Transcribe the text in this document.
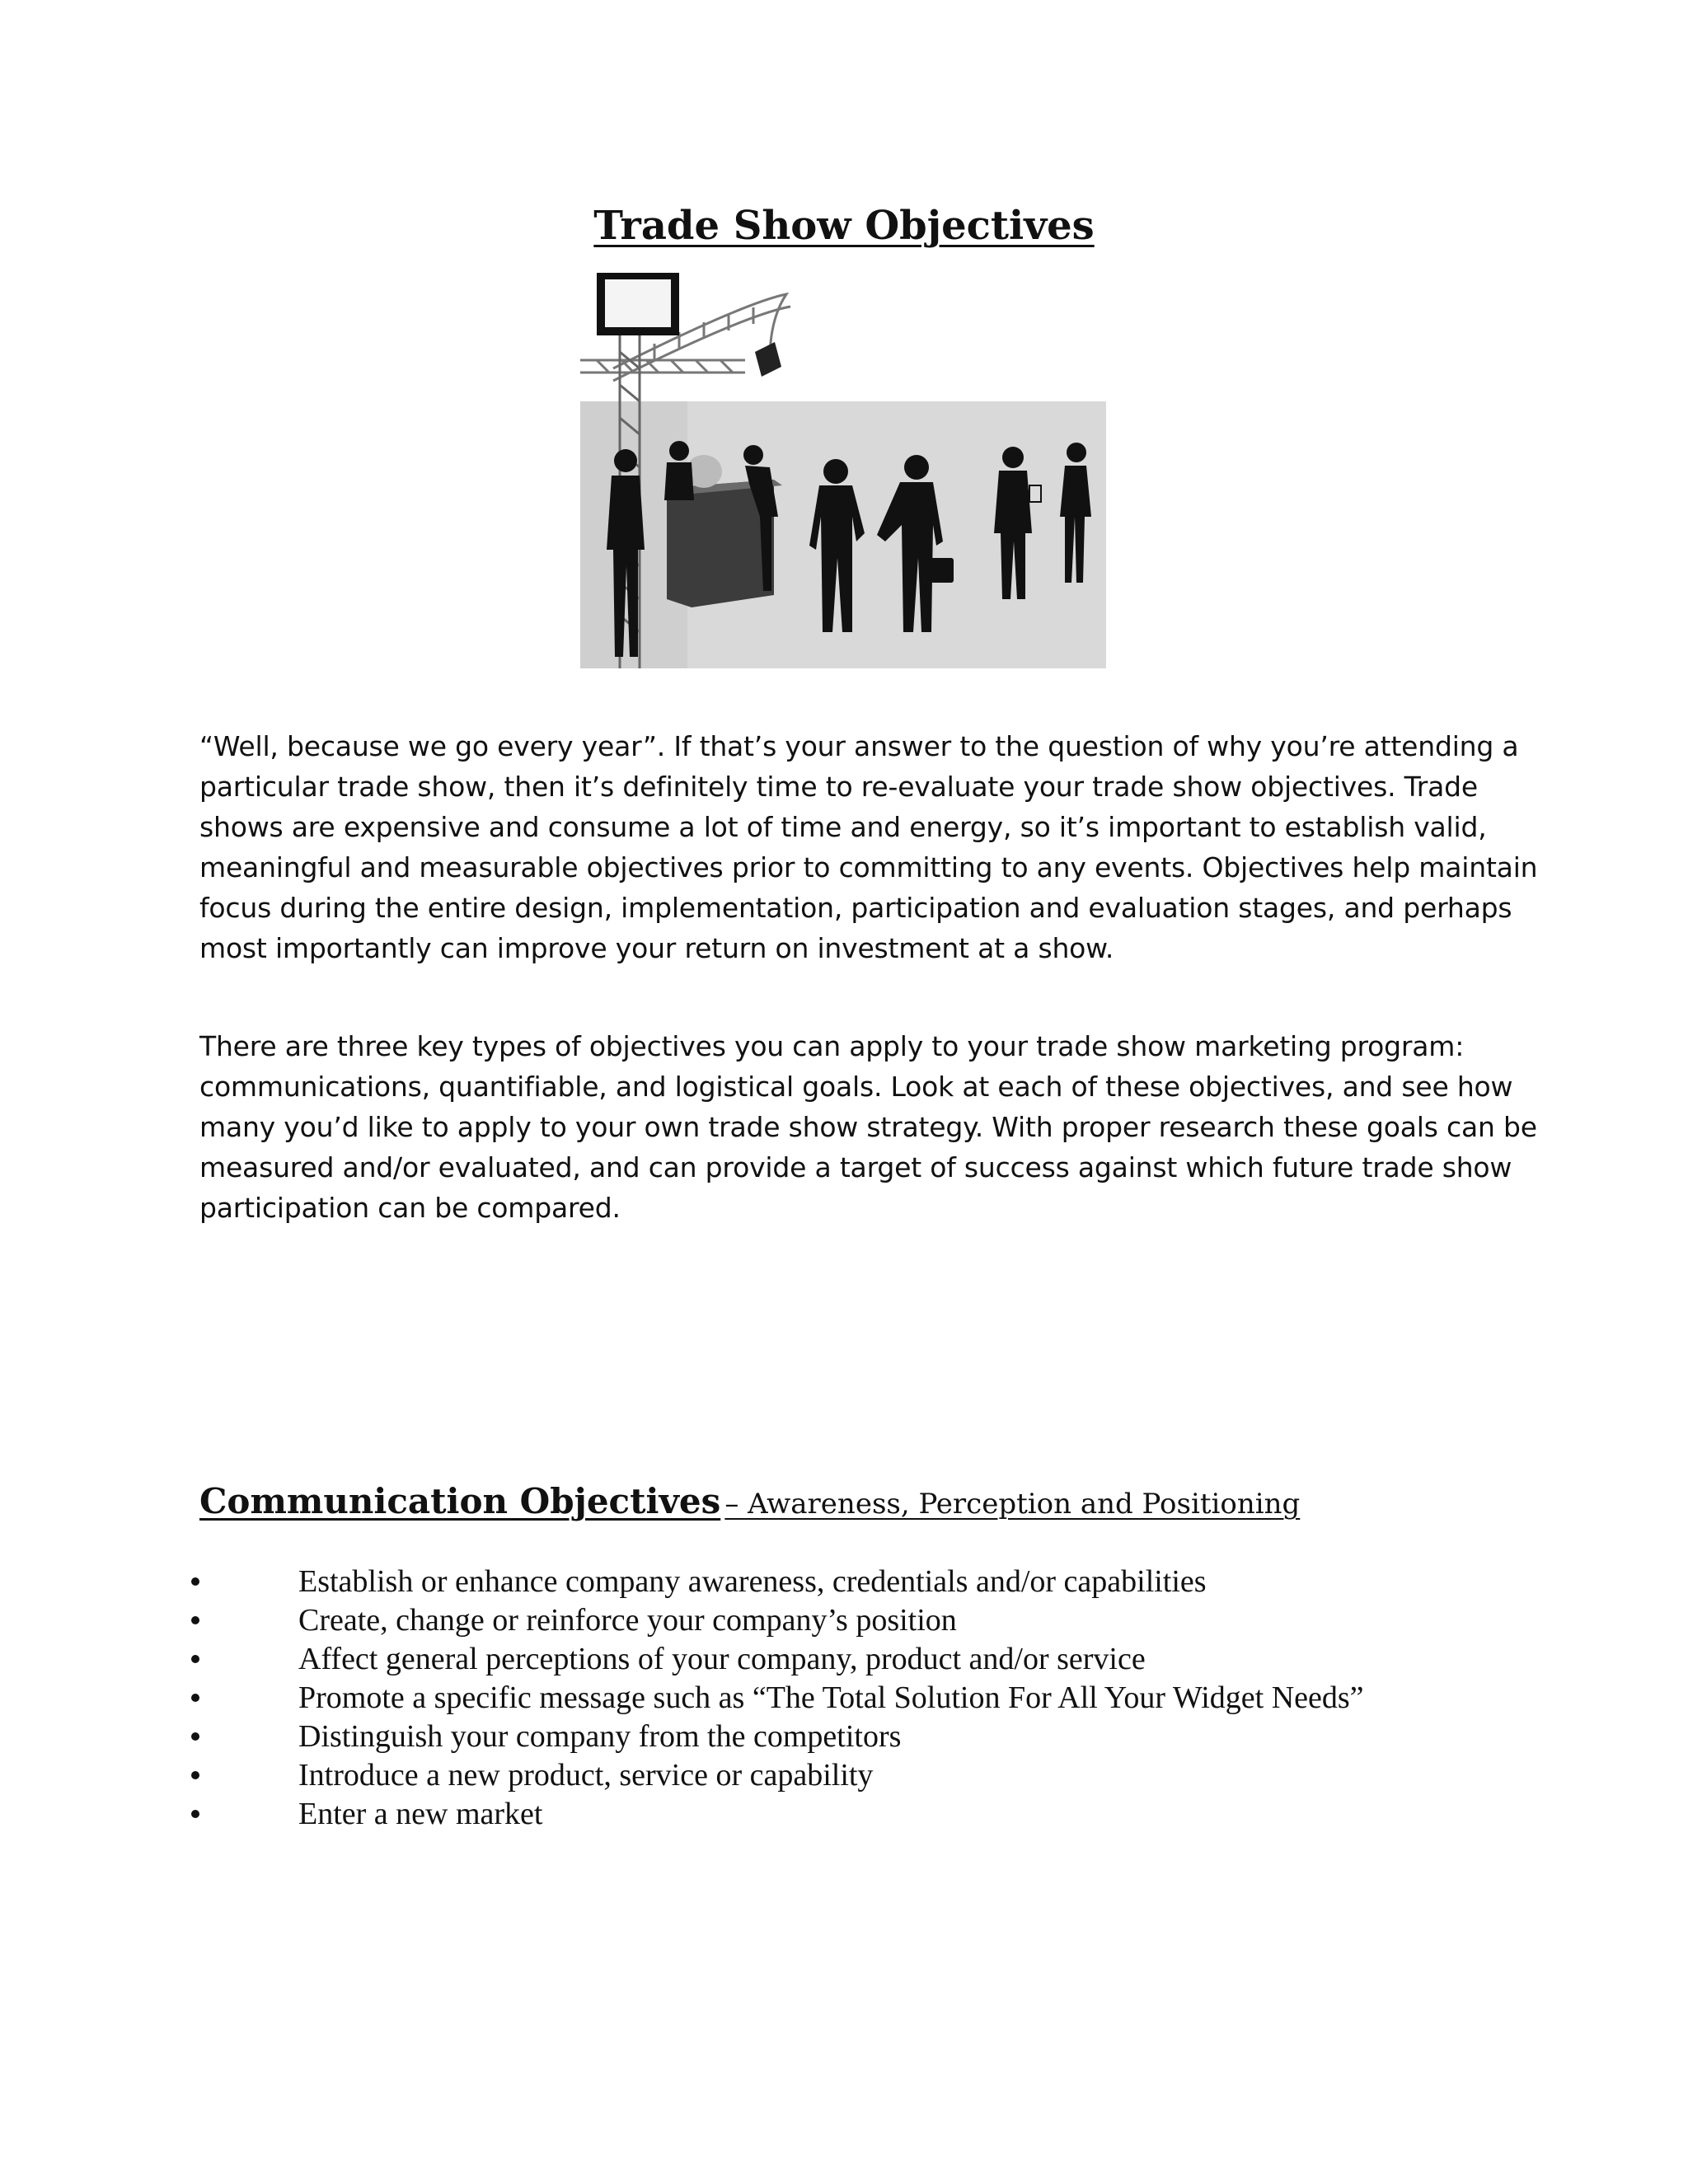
Trade Show Objectives

“Well, because we go every year”. If that’s your answer to the question of why you’re attending a particular trade show, then it’s definitely time to re-evaluate your trade show objectives. Trade shows are expensive and consume a lot of time and energy, so it’s important to establish valid, meaningful and measurable objectives prior to committing to any events. Objectives help maintain focus during the entire design, implementation, participation and evaluation stages, and perhaps most importantly can improve your return on investment at a show.

There are three key types of objectives you can apply to your trade show marketing program: communications, quantifiable, and logistical goals. Look at each of these objectives, and see how many you’d like to apply to your own trade show strategy. With proper research these goals can be measured and/or evaluated, and can provide a target of success against which future trade show participation can be compared.

Communication Objectives – Awareness, Perception and Positioning
Establish or enhance company awareness, credentials and/or capabilities
Create, change or reinforce your company’s position
Affect general perceptions of your company, product and/or service
Promote a specific message such as “The Total Solution For All Your Widget Needs”
Distinguish your company from the competitors
Introduce a new product, service or capability
Enter a new market
